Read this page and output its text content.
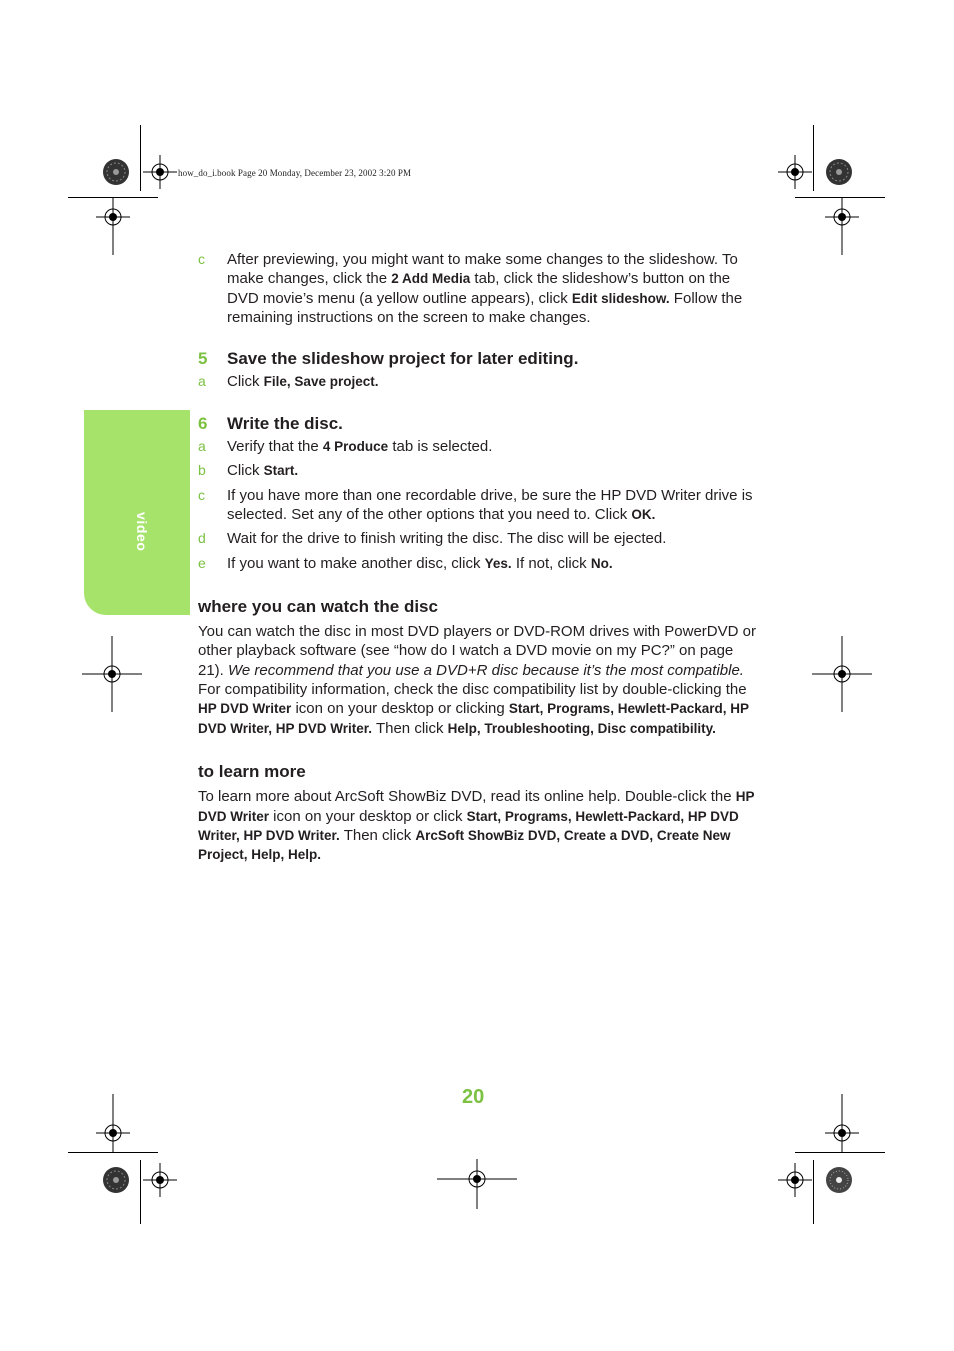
how_do_i.book Page 20 Monday, December 23, 2002 3:20 PM
video
c	After previewing, you might want to make some changes to the slideshow. To make changes, click the 2 Add Media tab, click the slideshow’s button on the DVD movie’s menu (a yellow outline appears), click Edit slideshow. Follow the remaining instructions on the screen to make changes.
5	Save the slideshow project for later editing.
a	Click File, Save project.
6	Write the disc.
a	Verify that the 4 Produce tab is selected.
b	Click Start.
c	If you have more than one recordable drive, be sure the HP DVD Writer drive is selected. Set any of the other options that you need to. Click OK.
d	Wait for the drive to finish writing the disc. The disc will be ejected.
e	If you want to make another disc, click Yes. If not, click No.
where you can watch the disc

You can watch the disc in most DVD players or DVD-ROM drives with PowerDVD or other playback software (see “how do I watch a DVD movie on my PC?” on page 21). We recommend that you use a DVD+R disc because it’s the most compatible. For compatibility information, check the disc compatibility list by double-clicking the HP DVD Writer icon on your desktop or clicking Start, Programs, Hewlett-Packard, HP DVD Writer, HP DVD Writer. Then click Help, Troubleshooting, Disc compatibility.

to learn more

To learn more about ArcSoft ShowBiz DVD, read its online help. Double-click the HP DVD Writer icon on your desktop or click Start, Programs, Hewlett-Packard, HP DVD Writer, HP DVD Writer. Then click ArcSoft ShowBiz DVD, Create a DVD, Create New Project, Help, Help.

20
